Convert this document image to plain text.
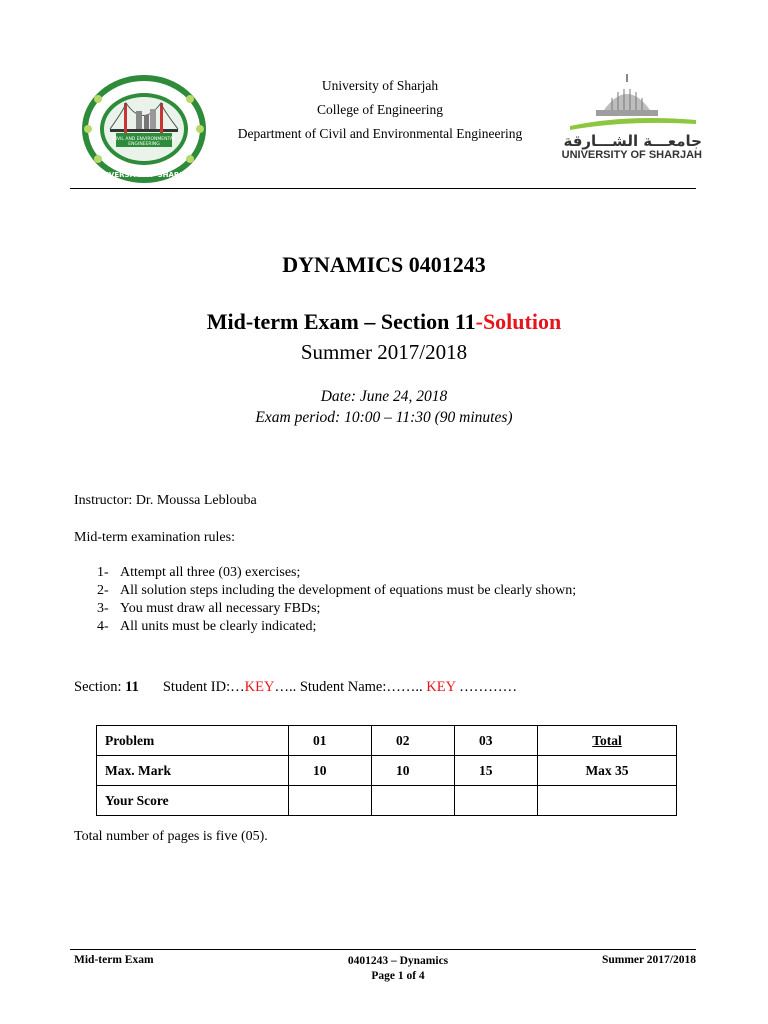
CIVIL AND ENVIRONMENTAL
ENGINEERING
UNIVERSITY OF SHARJAH
University of Sharjah
College of Engineering
Department of Civil and Environmental Engineering	جامعـــة الشـــارقة
UNIVERSITY OF SHARJAH
DYNAMICS 0401243
Mid-term Exam – Section 11-Solution
Summer 2017/2018
Date: June 24, 2018
Exam period: 10:00 – 11:30 (90 minutes)
Instructor: Dr. Moussa Leblouba
Mid-term examination rules:
1- Attempt all three (03) exercises;
2- All solution steps including the development of equations must be clearly shown;
3- You must draw all necessary FBDs;
4- All units must be clearly indicated;
Section: 11 Student ID:…KEY….. Student Name:…….. KEY …………
Problem	01	02	03	Total
Max. Mark	10	10	15	Max 35
Your Score				
Total number of pages is five (05).
Mid-term Exam	0401243 – Dynamics
Page 1 of 4
Summer 2017/2018
